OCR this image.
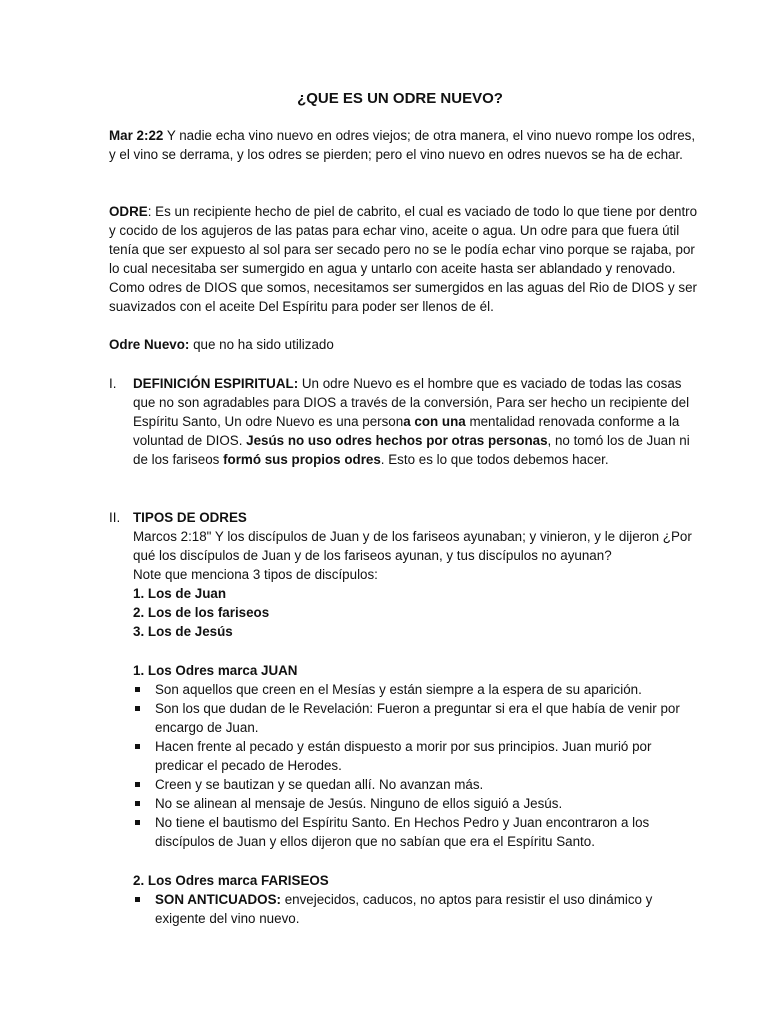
¿QUE ES UN ODRE NUEVO?

Mar 2:22 Y nadie echa vino nuevo en odres viejos; de otra manera, el vino nuevo rompe los odres, y el vino se derrama, y los odres se pierden; pero el vino nuevo en odres nuevos se ha de echar.

ODRE: Es un recipiente hecho de piel de cabrito, el cual es vaciado de todo lo que tiene por dentro y cocido de los agujeros de las patas para echar vino, aceite o agua. Un odre para que fuera útil tenía que ser expuesto al sol para ser secado pero no se le podía echar vino porque se rajaba, por lo cual necesitaba ser sumergido en agua y untarlo con aceite hasta ser ablandado y renovado. Como odres de DIOS que somos, necesitamos ser sumergidos en las aguas del Rio de DIOS y ser suavizados con el aceite Del Espíritu para poder ser llenos de él.

Odre Nuevo: que no ha sido utilizado

I. DEFINICIÓN ESPIRITUAL: Un odre Nuevo es el hombre que es vaciado de todas las cosas que no son agradables para DIOS a través de la conversión, Para ser hecho un recipiente del Espíritu Santo, Un odre Nuevo es una persona con una mentalidad renovada conforme a la voluntad de DIOS. Jesús no uso odres hechos por otras personas, no tomó los de Juan ni de los fariseos formó sus propios odres. Esto es lo que todos debemos hacer.

II. TIPOS DE ODRES

Marcos 2:18" Y los discípulos de Juan y de los fariseos ayunaban; y vinieron, y le dijeron ¿Por qué los discípulos de Juan y de los fariseos ayunan, y tus discípulos no ayunan?

Note que menciona 3 tipos de discípulos:

1. Los de Juan

2. Los de los fariseos

3. Los de Jesús

1. Los Odres marca JUAN

Son aquellos que creen en el Mesías y están siempre a la espera de su aparición.
Son los que dudan de le Revelación: Fueron a preguntar si era el que había de venir por encargo de Juan.
Hacen frente al pecado y están dispuesto a morir por sus principios. Juan murió por predicar el pecado de Herodes.
Creen y se bautizan y se quedan allí. No avanzan más.
No se alinean al mensaje de Jesús. Ninguno de ellos siguió a Jesús.
No tiene el bautismo del Espíritu Santo. En Hechos Pedro y Juan encontraron a los discípulos de Juan y ellos dijeron que no sabían que era el Espíritu Santo.

2. Los Odres marca FARISEOS

SON ANTICUADOS: envejecidos, caducos, no aptos para resistir el uso dinámico y exigente del vino nuevo.
